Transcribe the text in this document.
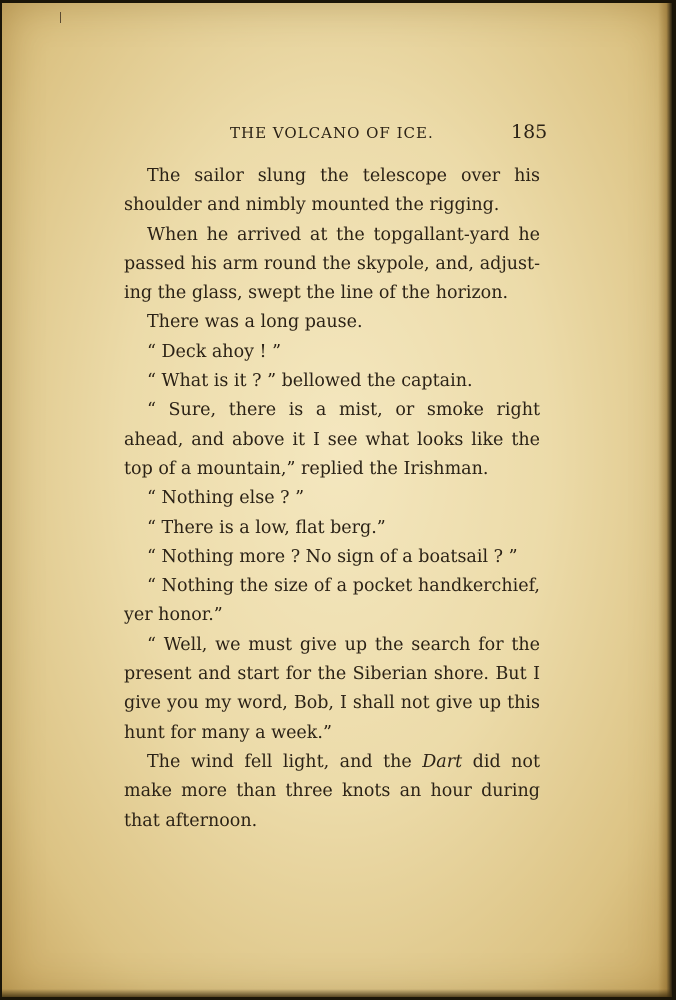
THE VOLCANO OF ICE.	185

The sailor slung the telescope over his shoulder and nimbly mounted the rigging.

When he arrived at the topgallant-yard he passed his arm round the skypole, and, adjusting the glass, swept the line of the horizon.

There was a long pause.

“ Deck ahoy ! ”

“ What is it ? ” bellowed the captain.

“ Sure, there is a mist, or smoke right ahead, and above it I see what looks like the top of a mountain,” replied the Irishman.

“ Nothing else ? ”

“ There is a low, flat berg.”

“ Nothing more ? No sign of a boatsail ? ”

“ Nothing the size of a pocket handkerchief, yer honor.”

“ Well, we must give up the search for the present and start for the Siberian shore. But I give you my word, Bob, I shall not give up this hunt for many a week.”

The wind fell light, and the Dart did not make more than three knots an hour during that afternoon.
